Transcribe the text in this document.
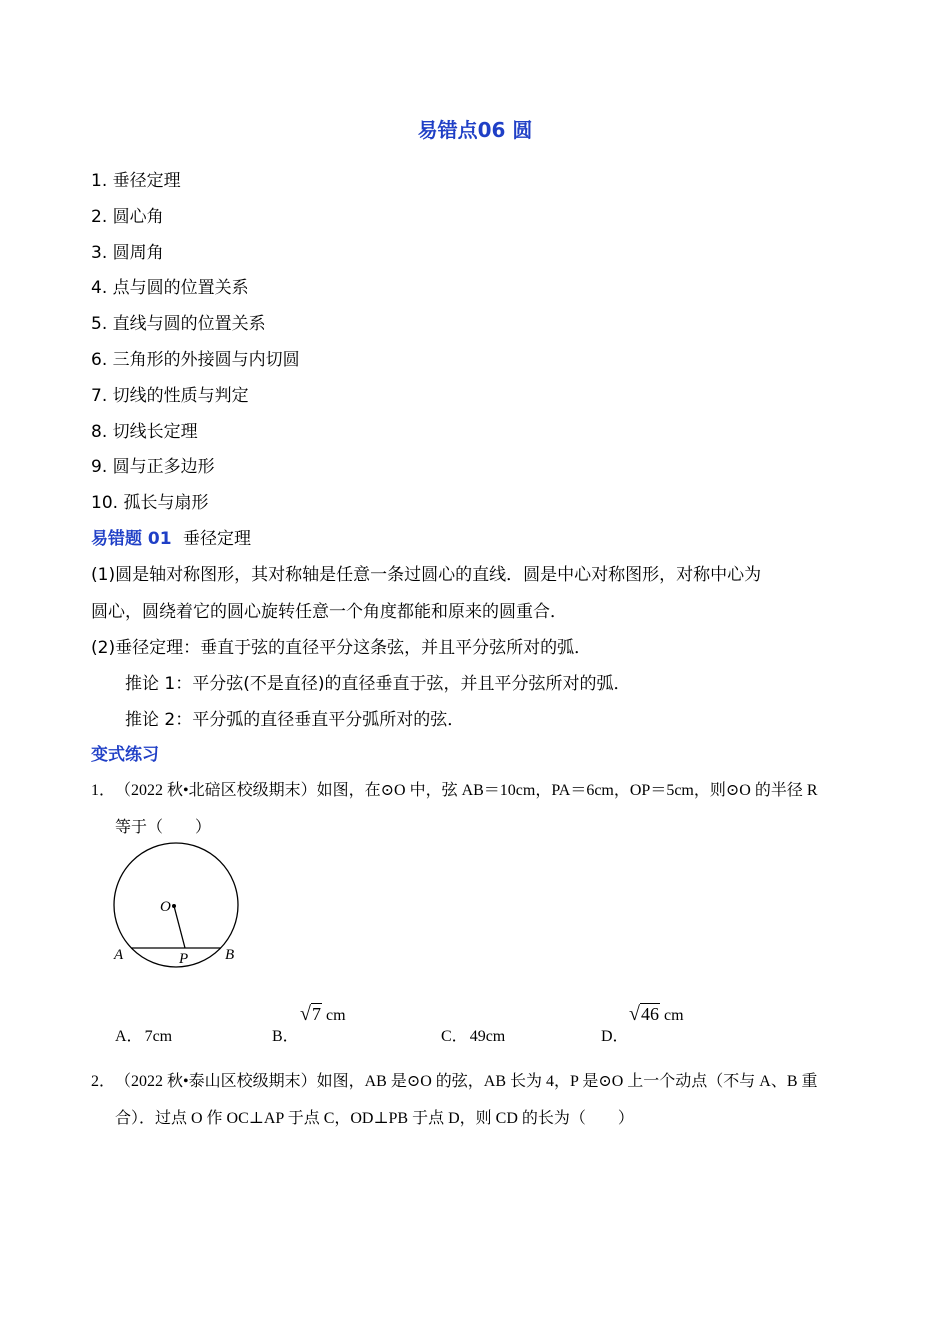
易错点06 圆
1. 垂径定理
2. 圆心角
3. 圆周角
4. 点与圆的位置关系
5. 直线与圆的位置关系
6. 三角形的外接圆与内切圆
7. 切线的性质与判定
8. 切线长定理
9. 圆与正多边形
10. 孤长与扇形
易错题 01 垂径定理
(1)圆是轴对称图形，其对称轴是任意一条过圆心的直线．圆是中心对称图形，对称中心为
圆心，圆绕着它的圆心旋转任意一个角度都能和原来的圆重合．
(2)垂径定理：垂直于弦的直径平分这条弦，并且平分弦所对的弧．
推论 1：平分弦(不是直径)的直径垂直于弦，并且平分弦所对的弧．
推论 2：平分弧的直径垂直平分弧所对的弦．
变式练习
1． （2022 秋•北碚区校级期末）如图，在⊙O 中，弦 AB＝10cm，PA＝6cm，OP＝5cm，则⊙O 的半径 R
等于（　　）
O
A	B
P
A． 7cm	B．
√7 cm
C． 49cm	D．
√46 cm
2． （2022 秋•泰山区校级期末）如图，AB 是⊙O 的弦，AB 长为 4，P 是⊙O 上一个动点（不与 A、B 重
合）．过点 O 作 OC⊥AP 于点 C，OD⊥PB 于点 D，则 CD 的长为（　　）
